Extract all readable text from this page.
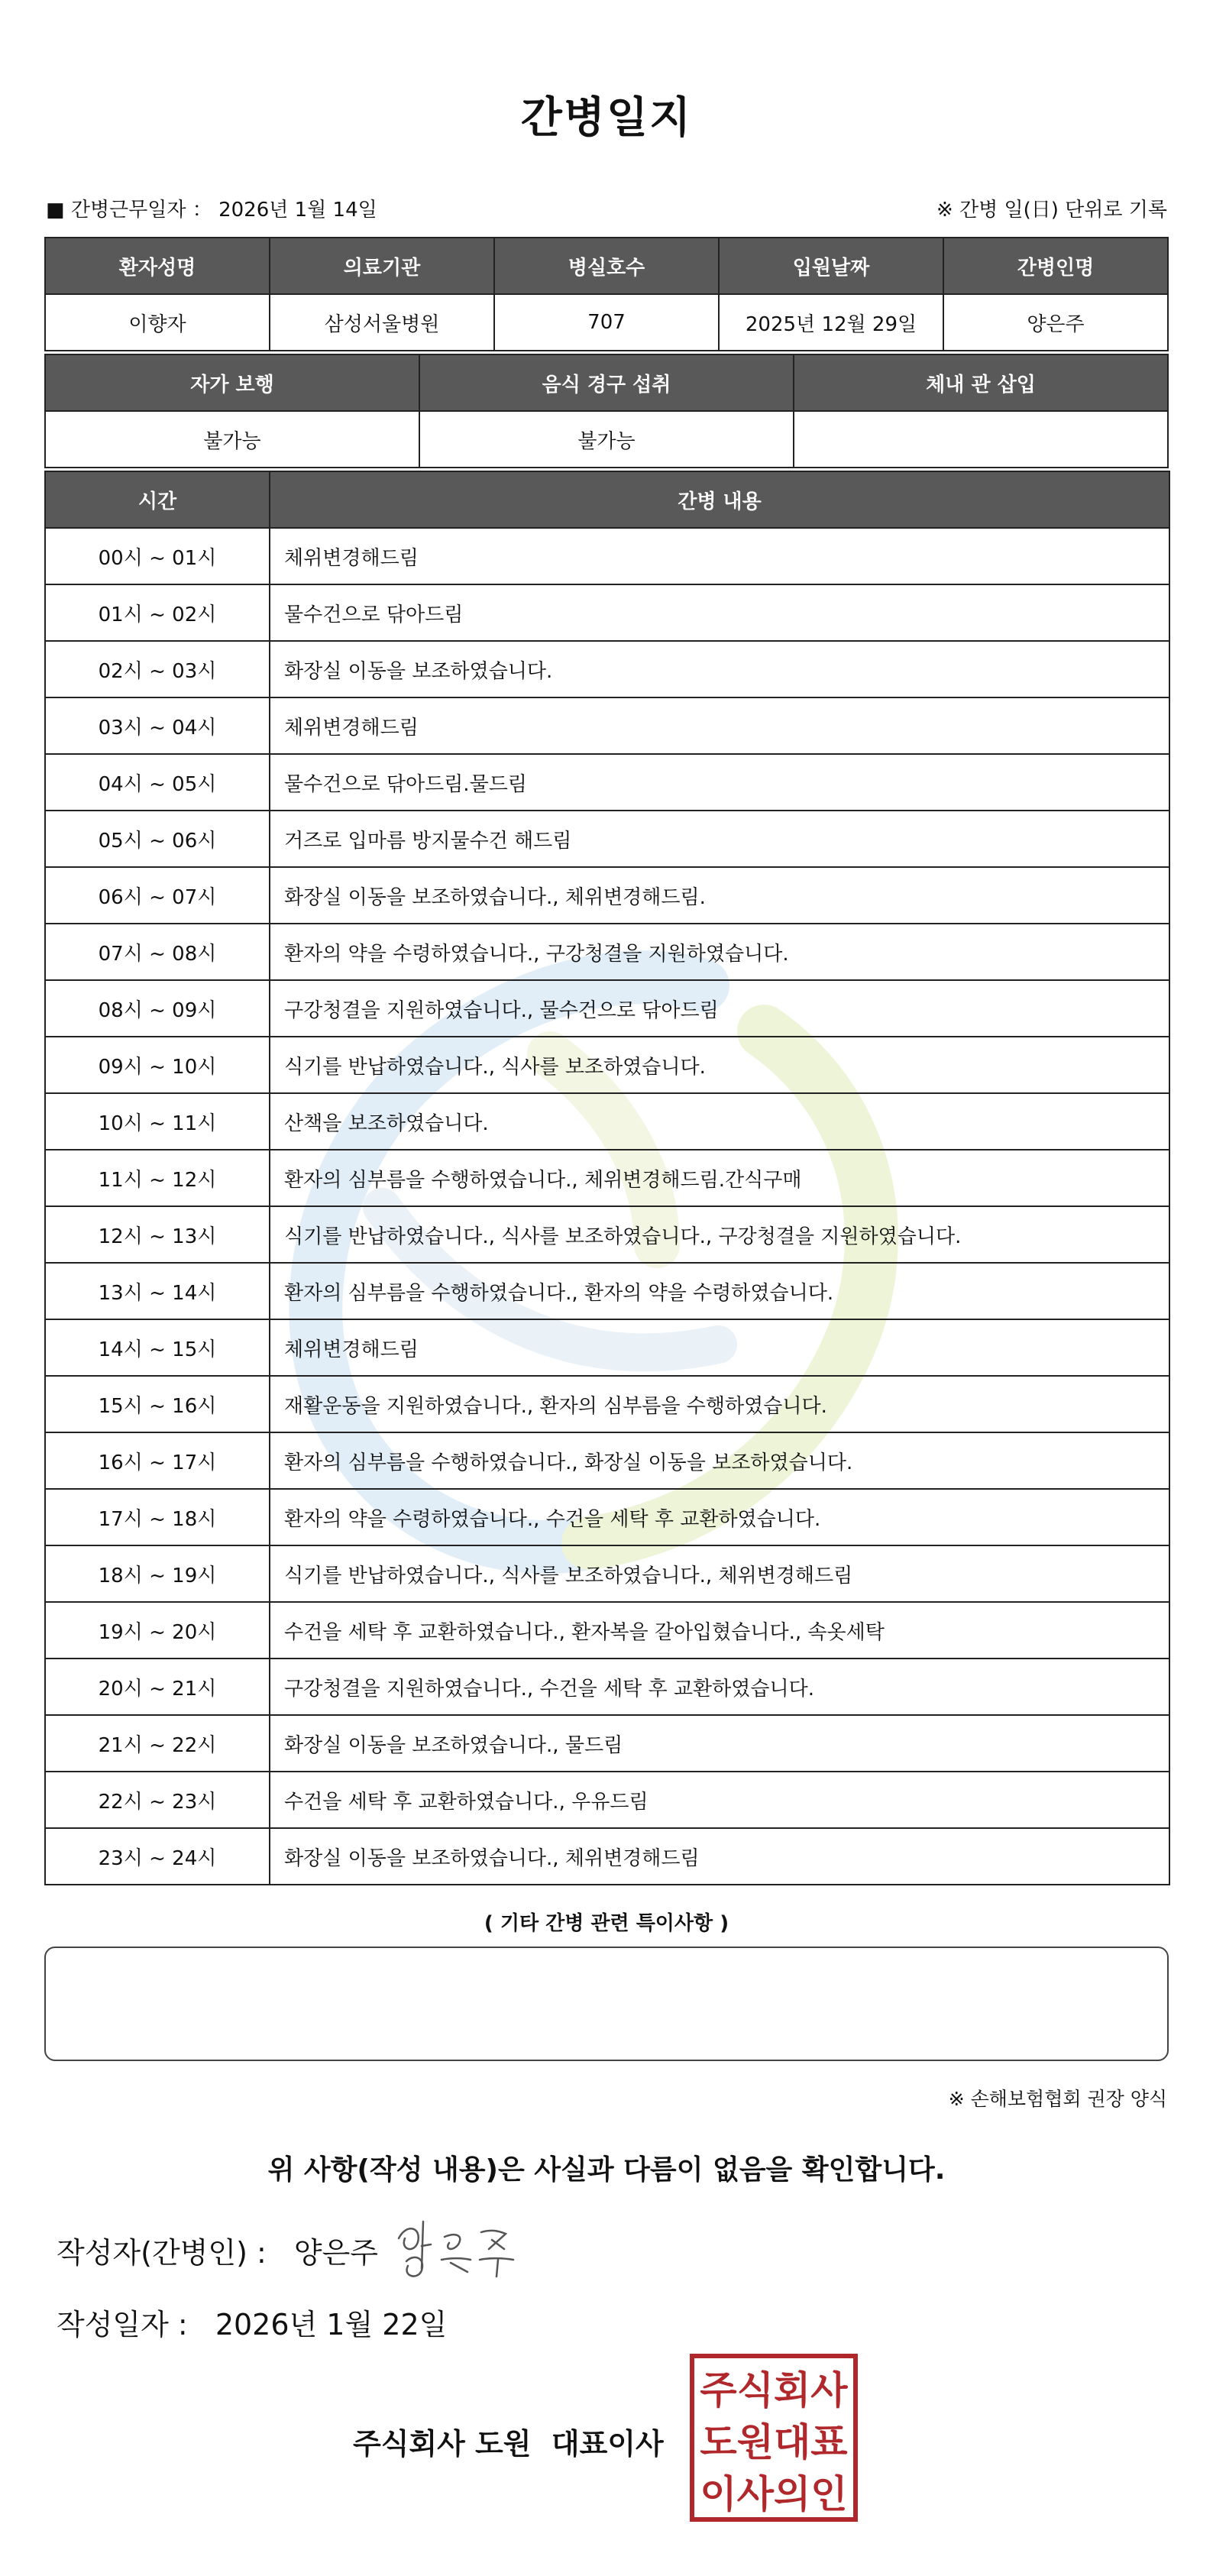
간병일지
■ 간병근무일자 ： 2026년 1월 14일	※ 간병 일(日) 단위로 기록
환자성명	의료기관	병실호수	입원날짜	간병인명
이향자	삼성서울병원	707	2025년 12월 29일	양은주
자가 보행	음식 경구 섭취	체내 관 삽입
불가능	불가능	
시간	간병 내용
00시 ~ 01시	체위변경해드림
01시 ~ 02시	물수건으로 닦아드림
02시 ~ 03시	화장실 이동을 보조하였습니다.
03시 ~ 04시	체위변경해드림
04시 ~ 05시	물수건으로 닦아드림.물드림
05시 ~ 06시	거즈로 입마름 방지물수건 해드림
06시 ~ 07시	화장실 이동을 보조하였습니다., 체위변경해드림.
07시 ~ 08시	환자의 약을 수령하였습니다., 구강청결을 지원하였습니다.
08시 ~ 09시	구강청결을 지원하였습니다., 물수건으로 닦아드림
09시 ~ 10시	식기를 반납하였습니다., 식사를 보조하였습니다.
10시 ~ 11시	산책을 보조하였습니다.
11시 ~ 12시	환자의 심부름을 수행하였습니다., 체위변경해드림.간식구매
12시 ~ 13시	식기를 반납하였습니다., 식사를 보조하였습니다., 구강청결을 지원하였습니다.
13시 ~ 14시	환자의 심부름을 수행하였습니다., 환자의 약을 수령하였습니다.
14시 ~ 15시	체위변경해드림
15시 ~ 16시	재활운동을 지원하였습니다., 환자의 심부름을 수행하였습니다.
16시 ~ 17시	환자의 심부름을 수행하였습니다., 화장실 이동을 보조하였습니다.
17시 ~ 18시	환자의 약을 수령하였습니다., 수건을 세탁 후 교환하였습니다.
18시 ~ 19시	식기를 반납하였습니다., 식사를 보조하였습니다., 체위변경해드림
19시 ~ 20시	수건을 세탁 후 교환하였습니다., 환자복을 갈아입혔습니다., 속옷세탁
20시 ~ 21시	구강청결을 지원하였습니다., 수건을 세탁 후 교환하였습니다.
21시 ~ 22시	화장실 이동을 보조하였습니다., 물드림
22시 ~ 23시	수건을 세탁 후 교환하였습니다., 우유드림
23시 ~ 24시	화장실 이동을 보조하였습니다., 체위변경해드림
( 기타 간병 관련 특이사항 )
※ 손해보험협회 권장 양식
위 사항(작성 내용)은 사실과 다름이 없음을 확인합니다.
작성자(간병인) : 양은주
작성일자 : 2026년 1월 22일
주식회사 도원  대표이사
주식회사
도원대표
이사의인
